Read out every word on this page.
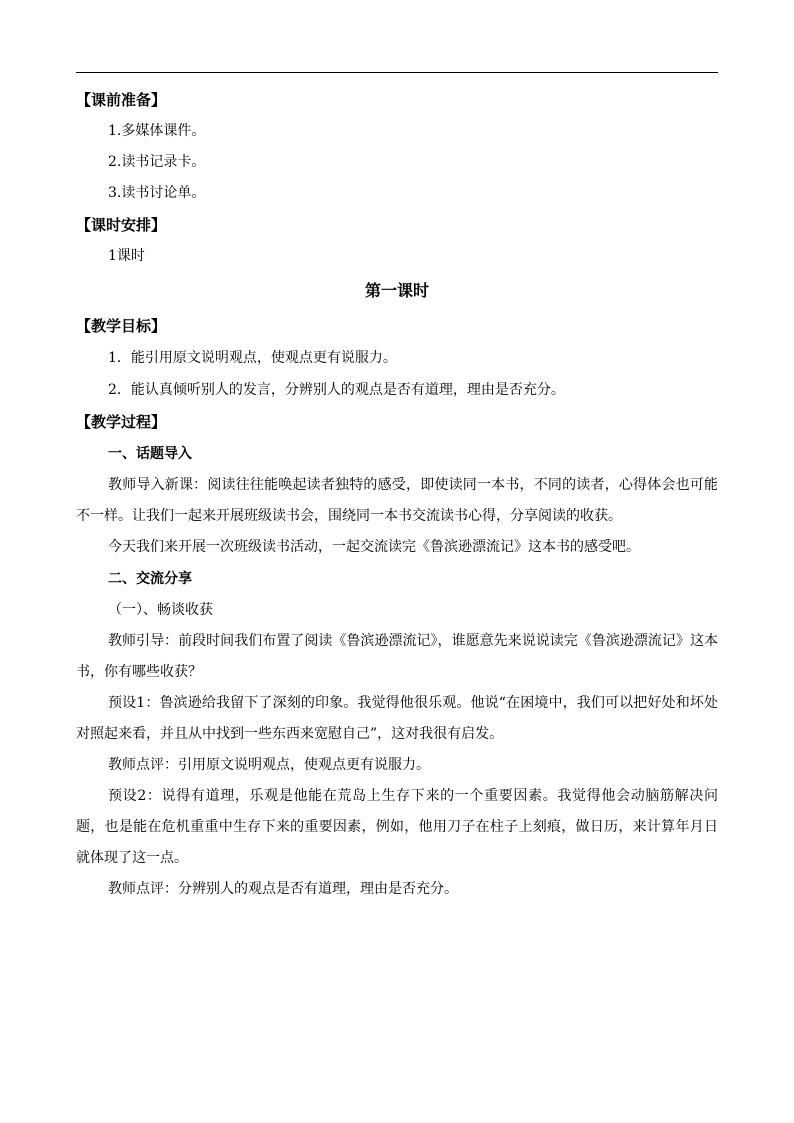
【课前准备】
1.多媒体课件。
2.读书记录卡。
3.读书讨论单。
【课时安排】
1课时
第一课时
【教学目标】
1．能引用原文说明观点，使观点更有说服力。
2．能认真倾听别人的发言，分辨别人的观点是否有道理，理由是否充分。
【教学过程】
一、话题导入

教师导入新课：阅读往往能唤起读者独特的感受，即使读同一本书，不同的读者，心得体会也可能不一样。让我们一起来开展班级读书会，围绕同一本书交流读书心得，分享阅读的收获。

今天我们来开展一次班级读书活动，一起交流读完《鲁滨逊漂流记》这本书的感受吧。

二、交流分享

（一）、畅谈收获

教师引导：前段时间我们布置了阅读《鲁滨逊漂流记》，谁愿意先来说说读完《鲁滨逊漂流记》这本书，你有哪些收获？

预设1：鲁滨逊给我留下了深刻的印象。我觉得他很乐观。他说“在困境中，我们可以把好处和坏处对照起来看，并且从中找到一些东西来宽慰自己”，这对我很有启发。

教师点评：引用原文说明观点，使观点更有说服力。

预设2：说得有道理，乐观是他能在荒岛上生存下来的一个重要因素。我觉得他会动脑筋解决问题，也是能在危机重重中生存下来的重要因素，例如，他用刀子在柱子上刻痕，做日历，来计算年月日就体现了这一点。

教师点评：分辨别人的观点是否有道理，理由是否充分。
